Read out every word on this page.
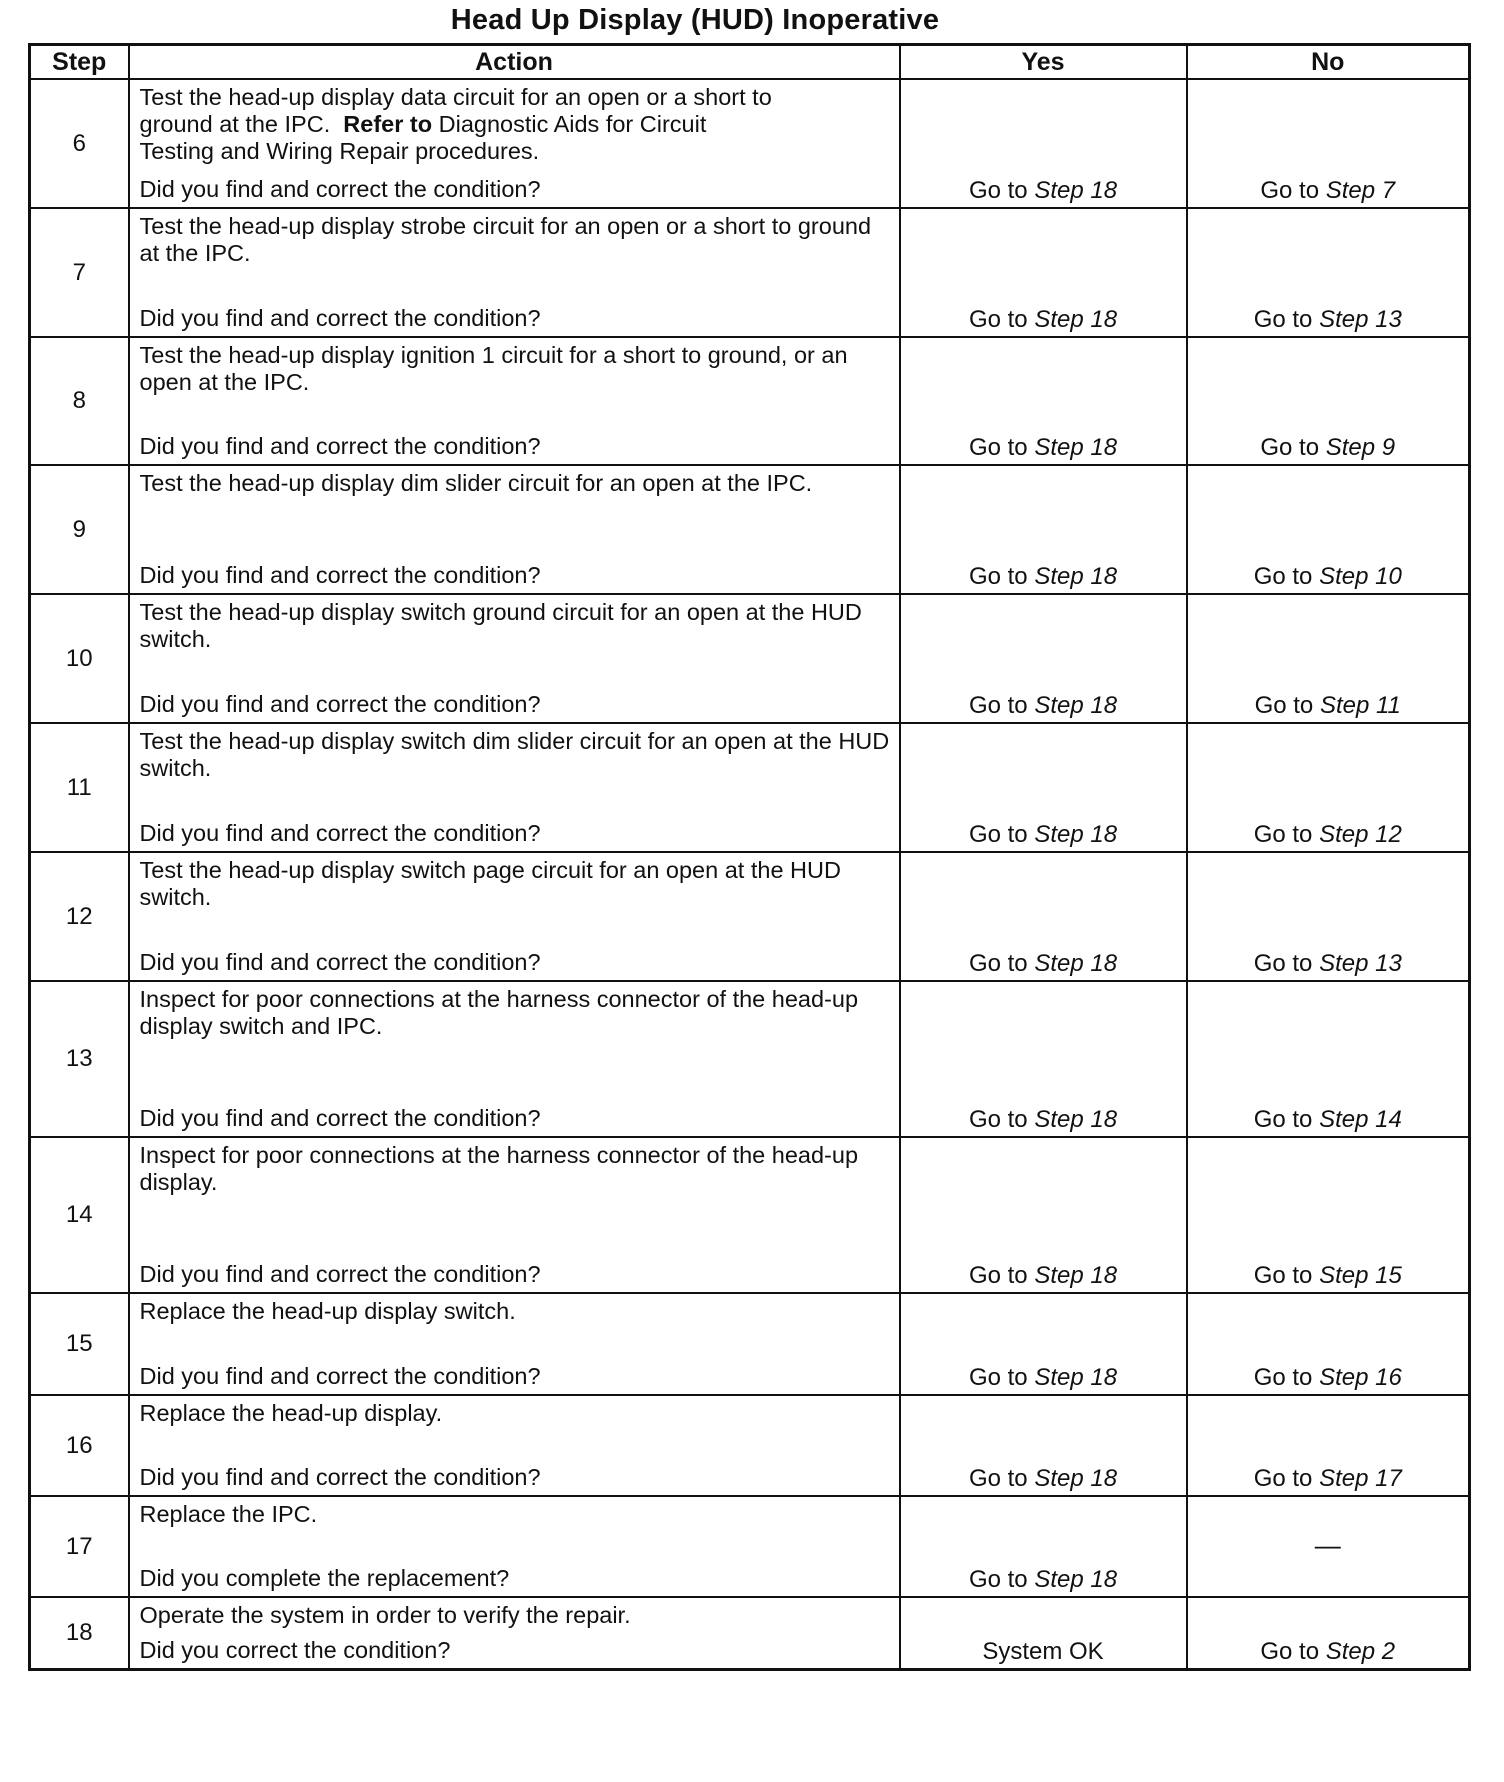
Head Up Display (HUD) Inoperative
Step	Action	Yes	No
6	Test the head-up display data circuit for an open or a short to
ground at the IPC.  Refer to Diagnostic Aids for Circuit
Testing and Wiring Repair procedures.
Did you find and correct the condition?	Go to Step 18	Go to Step 7

7	Test the head-up display strobe circuit for an open or a short to ground at the IPC.
Did you find and correct the condition?	Go to Step 18	Go to Step 13

8	Test the head-up display ignition 1 circuit for a short to ground, or an open at the IPC.
Did you find and correct the condition?	Go to Step 18	Go to Step 9

9	Test the head-up display dim slider circuit for an open at the IPC.
Did you find and correct the condition?	Go to Step 18	Go to Step 10

10	Test the head-up display switch ground circuit for an open at the HUD switch.
Did you find and correct the condition?	Go to Step 18	Go to Step 11

11	Test the head-up display switch dim slider circuit for an open at the HUD switch.
Did you find and correct the condition?	Go to Step 18	Go to Step 12

12	Test the head-up display switch page circuit for an open at the HUD switch.
Did you find and correct the condition?	Go to Step 18	Go to Step 13

13	Inspect for poor connections at the harness connector of the head-up display switch and IPC.
Did you find and correct the condition?	Go to Step 18	Go to Step 14

14	Inspect for poor connections at the harness connector of the head-up display.
Did you find and correct the condition?	Go to Step 18	Go to Step 15

15	Replace the head-up display switch.
Did you find and correct the condition?	Go to Step 18	Go to Step 16

16	Replace the head-up display.
Did you find and correct the condition?	Go to Step 18	Go to Step 17

17	Replace the IPC.
Did you complete the replacement?	Go to Step 18	—

18	Operate the system in order to verify the repair.
Did you correct the condition?	System OK	Go to Step 2
